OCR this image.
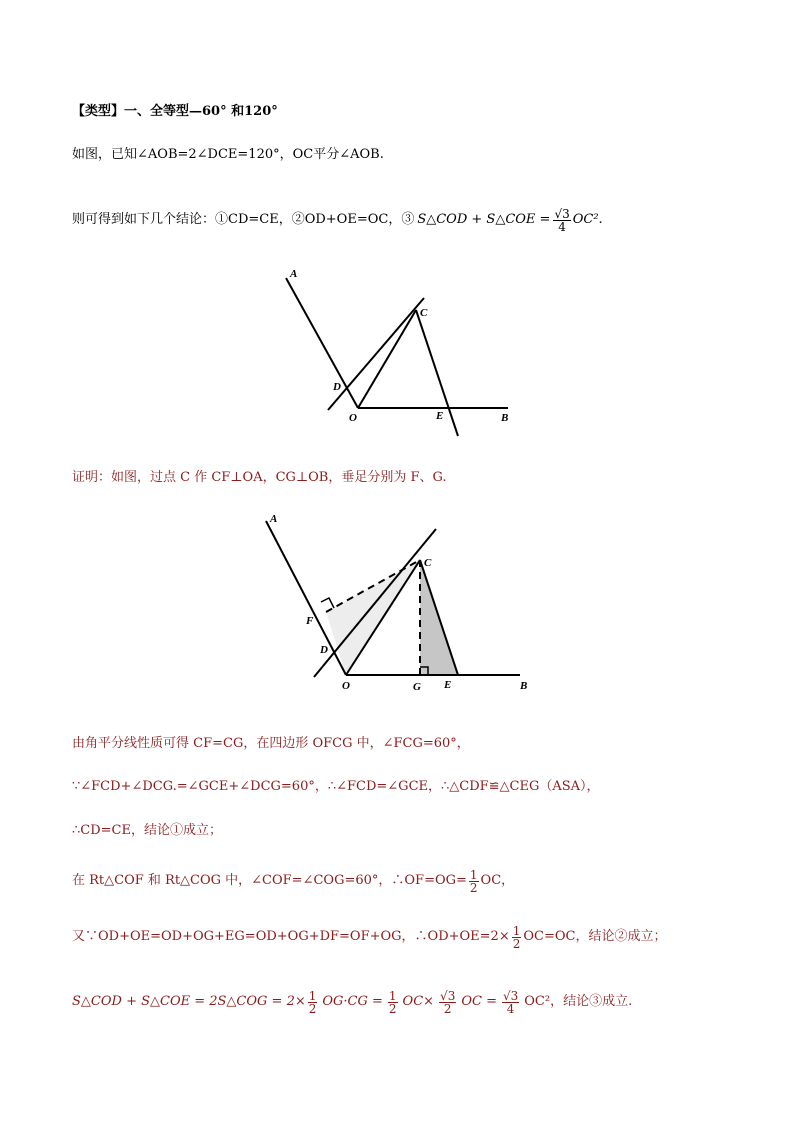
【类型】一、全等型—60° 和120°
如图，已知∠AOB=2∠DCE=120°，OC平分∠AOB.
则可得到如下几个结论：①CD=CE，②OD+OE=OC，③ S△COD + S△COE = $\frac{√3}{4} OC^2$.
A
C
D
O	E	B
证明：如图，过点 C 作 CF⊥OA，CG⊥OB，垂足分别为 F、G.
A
C
F
D
O	G E	B
由角平分线性质可得 CF=CG，在四边形 OFCG 中，∠FCG=60°，
∵∠FCD+∠DCG.=∠GCE+∠DCG=60°，∴∠FCD=∠GCE，∴△CDF≌△CEG（ASA），
∴CD=CE，结论①成立；
在 Rt△COF 和 Rt△COG 中，∠COF=∠COG=60°，∴OF=OG= $\frac{1}{2}$ OC，
又∵OD+OE=OD+OG+EG=OD+OG+DF=OF+OG，∴OD+OE=2× $\frac{1}{2} OC=OC$，结论②成立；
S△COD + S△COE = 2S△COG = $2\times \frac{1}{2} OG\cdot CG = \frac{1}{2} OC\times \frac{√3}{2}$ OC = $\frac{√3}{4} OC^2$，结论③成立.
